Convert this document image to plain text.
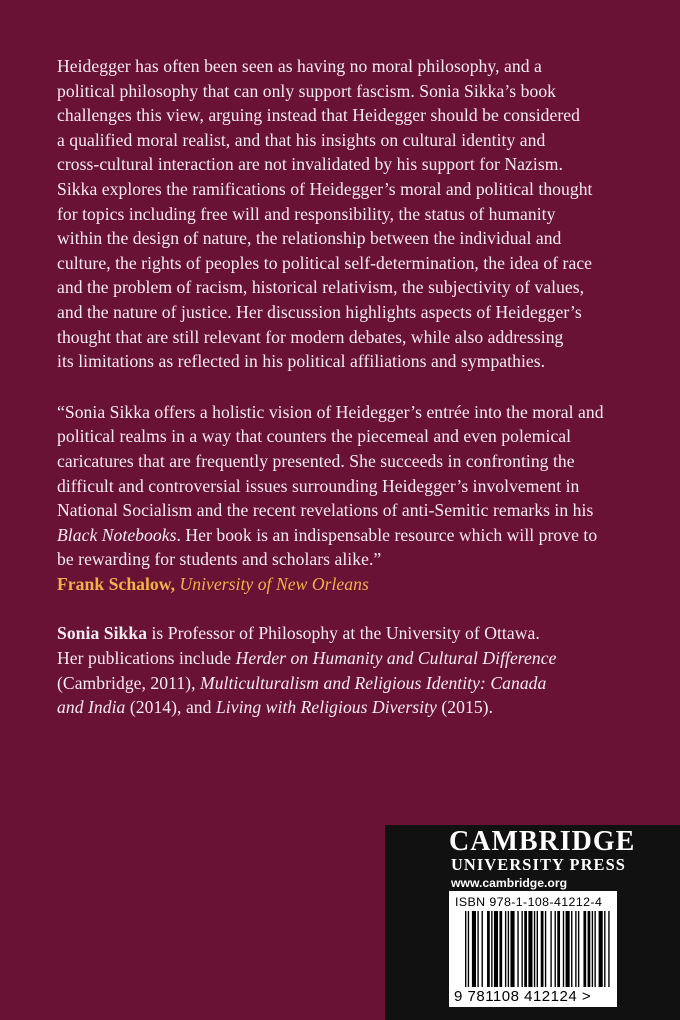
Heidegger has often been seen as having no moral philosophy, and a
political philosophy that can only support fascism. Sonia Sikka’s book
challenges this view, arguing instead that Heidegger should be considered
a qualified moral realist, and that his insights on cultural identity and
cross-cultural interaction are not invalidated by his support for Nazism.
Sikka explores the ramifications of Heidegger’s moral and political thought
for topics including free will and responsibility, the status of humanity
within the design of nature, the relationship between the individual and
culture, the rights of peoples to political self-determination, the idea of race
and the problem of racism, historical relativism, the subjectivity of values,
and the nature of justice. Her discussion highlights aspects of Heidegger’s
thought that are still relevant for modern debates, while also addressing
its limitations as reflected in his political affiliations and sympathies.

“Sonia Sikka offers a holistic vision of Heidegger’s entrée into the moral and
political realms in a way that counters the piecemeal and even polemical
caricatures that are frequently presented. She succeeds in confronting the
difficult and controversial issues surrounding Heidegger’s involvement in
National Socialism and the recent revelations of anti-Semitic remarks in his
Black Notebooks. Her book is an indispensable resource which will prove to
be rewarding for students and scholars alike.”

Frank Schalow, University of New Orleans

Sonia Sikka is Professor of Philosophy at the University of Ottawa.
Her publications include Herder on Humanity and Cultural Difference
(Cambridge, 2011), Multiculturalism and Religious Identity: Canada
and India (2014), and Living with Religious Diversity (2015).

CAMBRIDGE
UNIVERSITY PRESS
www.cambridge.org
ISBN 978-1-108-41212-4
9 781108 412124 >
